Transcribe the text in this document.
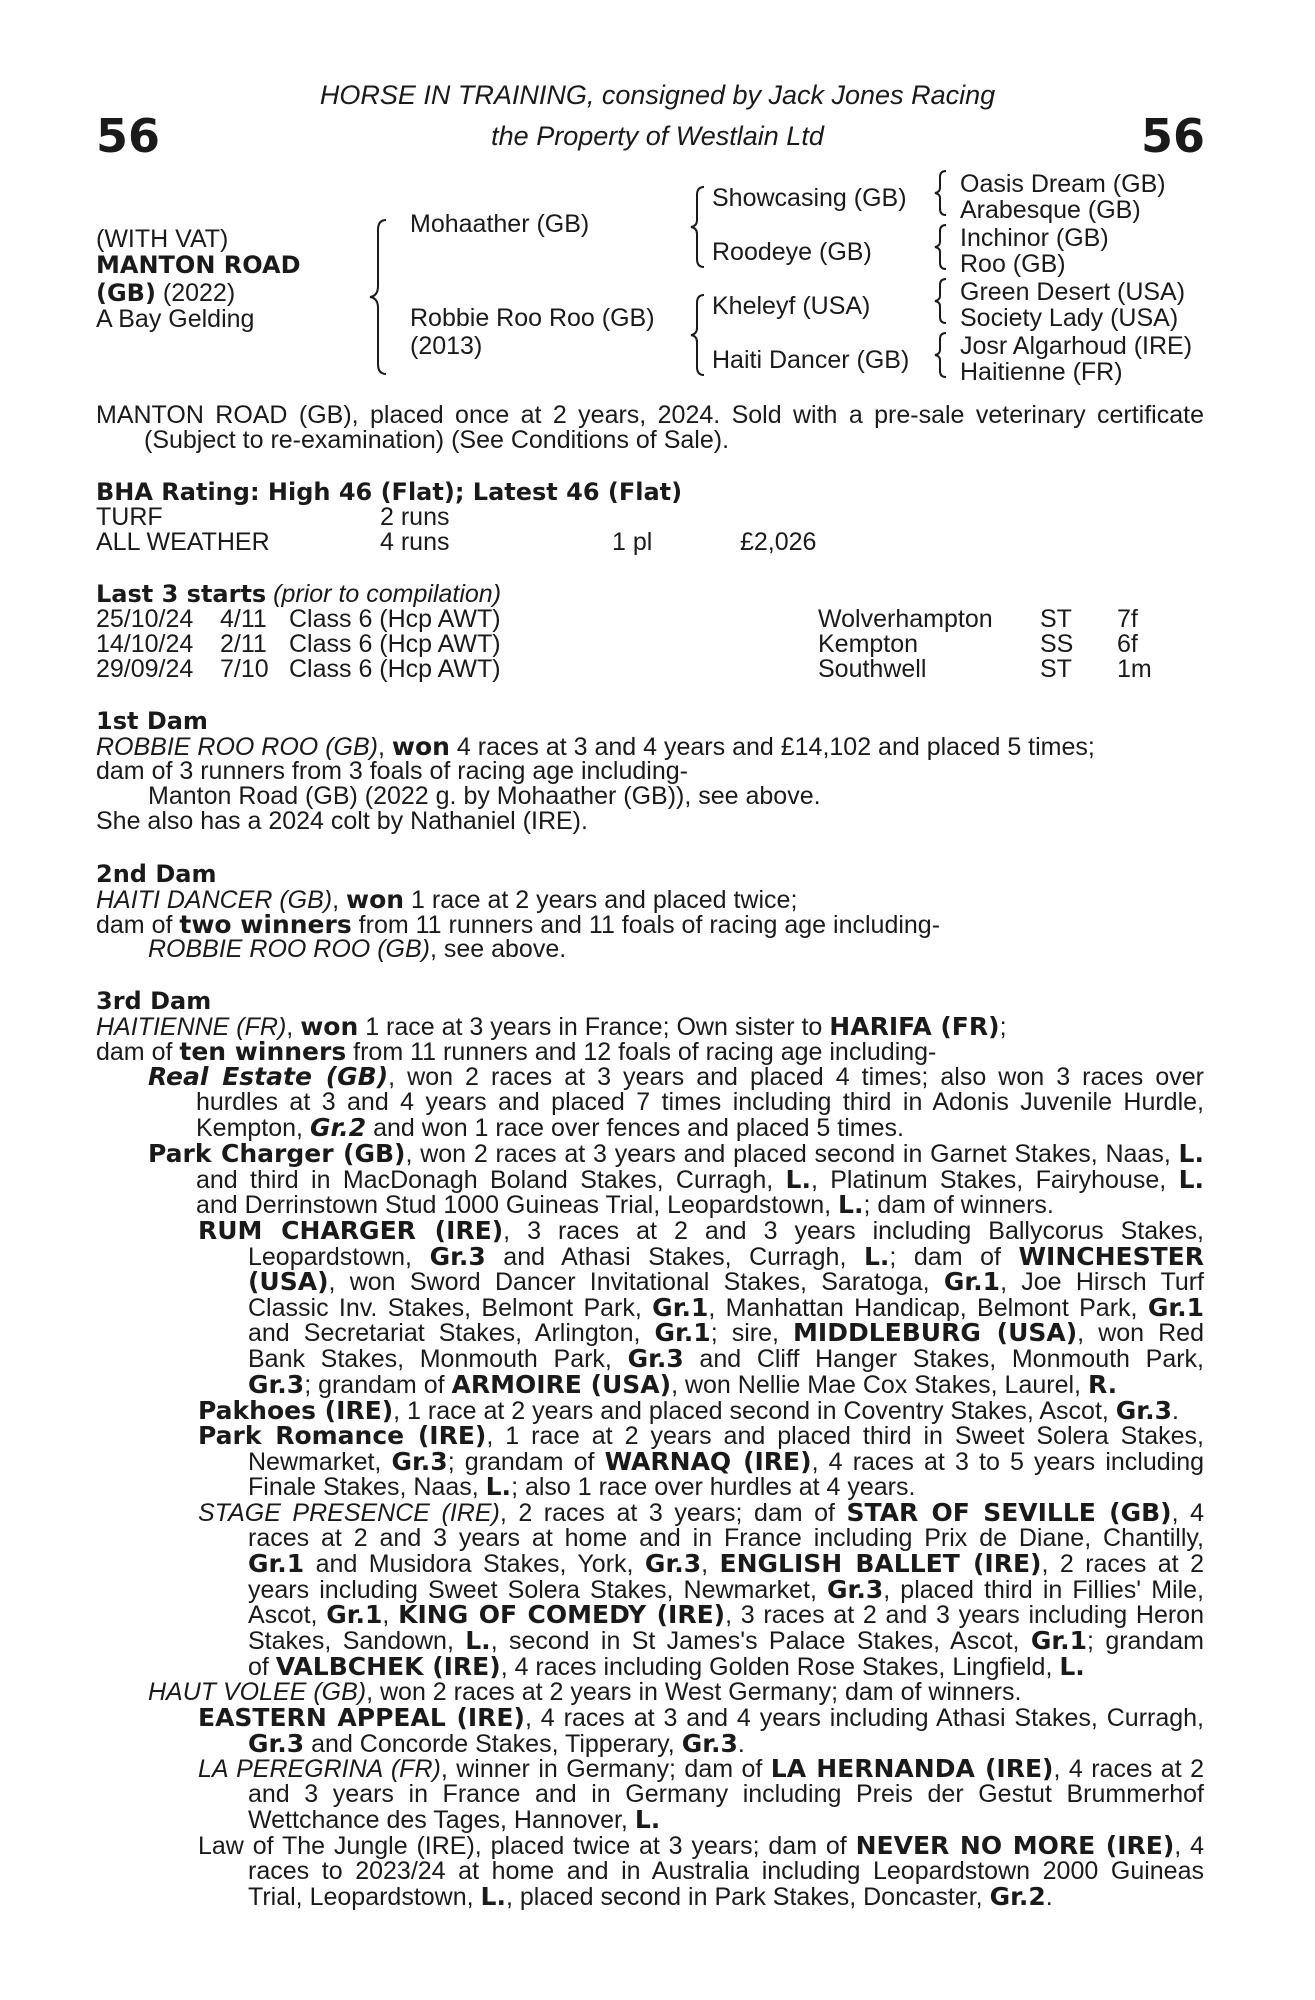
56	56
HORSE IN TRAINING, consigned by Jack Jones Racing
the Property of Westlain Ltd
(WITH VAT)
MANTON ROAD
(GB) (2022)
A Bay Gelding
Mohaather (GB)
Robbie Roo Roo (GB)
(2013)
Showcasing (GB)
Roodeye (GB)
Kheleyf (USA)
Haiti Dancer (GB)
Oasis Dream (GB)
Arabesque (GB)
Inchinor (GB)
Roo (GB)
Green Desert (USA)
Society Lady (USA)
Josr Algarhoud (IRE)
Haitienne (FR)
MANTON ROAD (GB), placed once at 2 years, 2024. Sold with a pre-sale veterinary certificate
(Subject to re-examination) (See Conditions of Sale).
BHA Rating: High 46 (Flat); Latest 46 (Flat)
TURF	2 runs
ALL WEATHER	4 runs	1 pl	£2,026
Last 3 starts (prior to compilation)
25/10/24 4/11 Class 6 (Hcp AWT)	Wolverhampton ST 7f
14/10/24 2/11 Class 6 (Hcp AWT)	Kempton	SS 6f
29/09/24 7/10 Class 6 (Hcp AWT)	Southwell	ST 1m
1st Dam
ROBBIE ROO ROO (GB), won 4 races at 3 and 4 years and £14,102 and placed 5 times;
dam of 3 runners from 3 foals of racing age including-
Manton Road (GB) (2022 g. by Mohaather (GB)), see above.
She also has a 2024 colt by Nathaniel (IRE).
2nd Dam
HAITI DANCER (GB), won 1 race at 2 years and placed twice;
dam of two winners from 11 runners and 11 foals of racing age including-
ROBBIE ROO ROO (GB), see above.
3rd Dam
HAITIENNE (FR), won 1 race at 3 years in France; Own sister to HARIFA (FR);
dam of ten winners from 11 runners and 12 foals of racing age including-
Real Estate (GB), won 2 races at 3 years and placed 4 times; also won 3 races over
hurdles at 3 and 4 years and placed 7 times including third in Adonis Juvenile Hurdle,
Kempton, Gr.2 and won 1 race over fences and placed 5 times.
Park Charger (GB), won 2 races at 3 years and placed second in Garnet Stakes, Naas, L.
and third in MacDonagh Boland Stakes, Curragh, L., Platinum Stakes, Fairyhouse, L.
and Derrinstown Stud 1000 Guineas Trial, Leopardstown, L.; dam of winners.
RUM CHARGER (IRE), 3 races at 2 and 3 years including Ballycorus Stakes,
Leopardstown, Gr.3 and Athasi Stakes, Curragh, L.; dam of WINCHESTER
(USA), won Sword Dancer Invitational Stakes, Saratoga, Gr.1, Joe Hirsch Turf
Classic Inv. Stakes, Belmont Park, Gr.1, Manhattan Handicap, Belmont Park, Gr.1
and Secretariat Stakes, Arlington, Gr.1; sire, MIDDLEBURG (USA), won Red
Bank Stakes, Monmouth Park, Gr.3 and Cliff Hanger Stakes, Monmouth Park,
Gr.3; grandam of ARMOIRE (USA), won Nellie Mae Cox Stakes, Laurel, R.
Pakhoes (IRE), 1 race at 2 years and placed second in Coventry Stakes, Ascot, Gr.3.
Park Romance (IRE), 1 race at 2 years and placed third in Sweet Solera Stakes,
Newmarket, Gr.3; grandam of WARNAQ (IRE), 4 races at 3 to 5 years including
Finale Stakes, Naas, L.; also 1 race over hurdles at 4 years.
STAGE PRESENCE (IRE), 2 races at 3 years; dam of STAR OF SEVILLE (GB), 4
races at 2 and 3 years at home and in France including Prix de Diane, Chantilly,
Gr.1 and Musidora Stakes, York, Gr.3, ENGLISH BALLET (IRE), 2 races at 2
years including Sweet Solera Stakes, Newmarket, Gr.3, placed third in Fillies' Mile,
Ascot, Gr.1, KING OF COMEDY (IRE), 3 races at 2 and 3 years including Heron
Stakes, Sandown, L., second in St James's Palace Stakes, Ascot, Gr.1; grandam
of VALBCHEK (IRE), 4 races including Golden Rose Stakes, Lingfield, L.
HAUT VOLEE (GB), won 2 races at 2 years in West Germany; dam of winners.
EASTERN APPEAL (IRE), 4 races at 3 and 4 years including Athasi Stakes, Curragh,
Gr.3 and Concorde Stakes, Tipperary, Gr.3.
LA PEREGRINA (FR), winner in Germany; dam of LA HERNANDA (IRE), 4 races at 2
and 3 years in France and in Germany including Preis der Gestut Brummerhof
Wettchance des Tages, Hannover, L.
Law of The Jungle (IRE), placed twice at 3 years; dam of NEVER NO MORE (IRE), 4
races to 2023/24 at home and in Australia including Leopardstown 2000 Guineas
Trial, Leopardstown, L., placed second in Park Stakes, Doncaster, Gr.2.
